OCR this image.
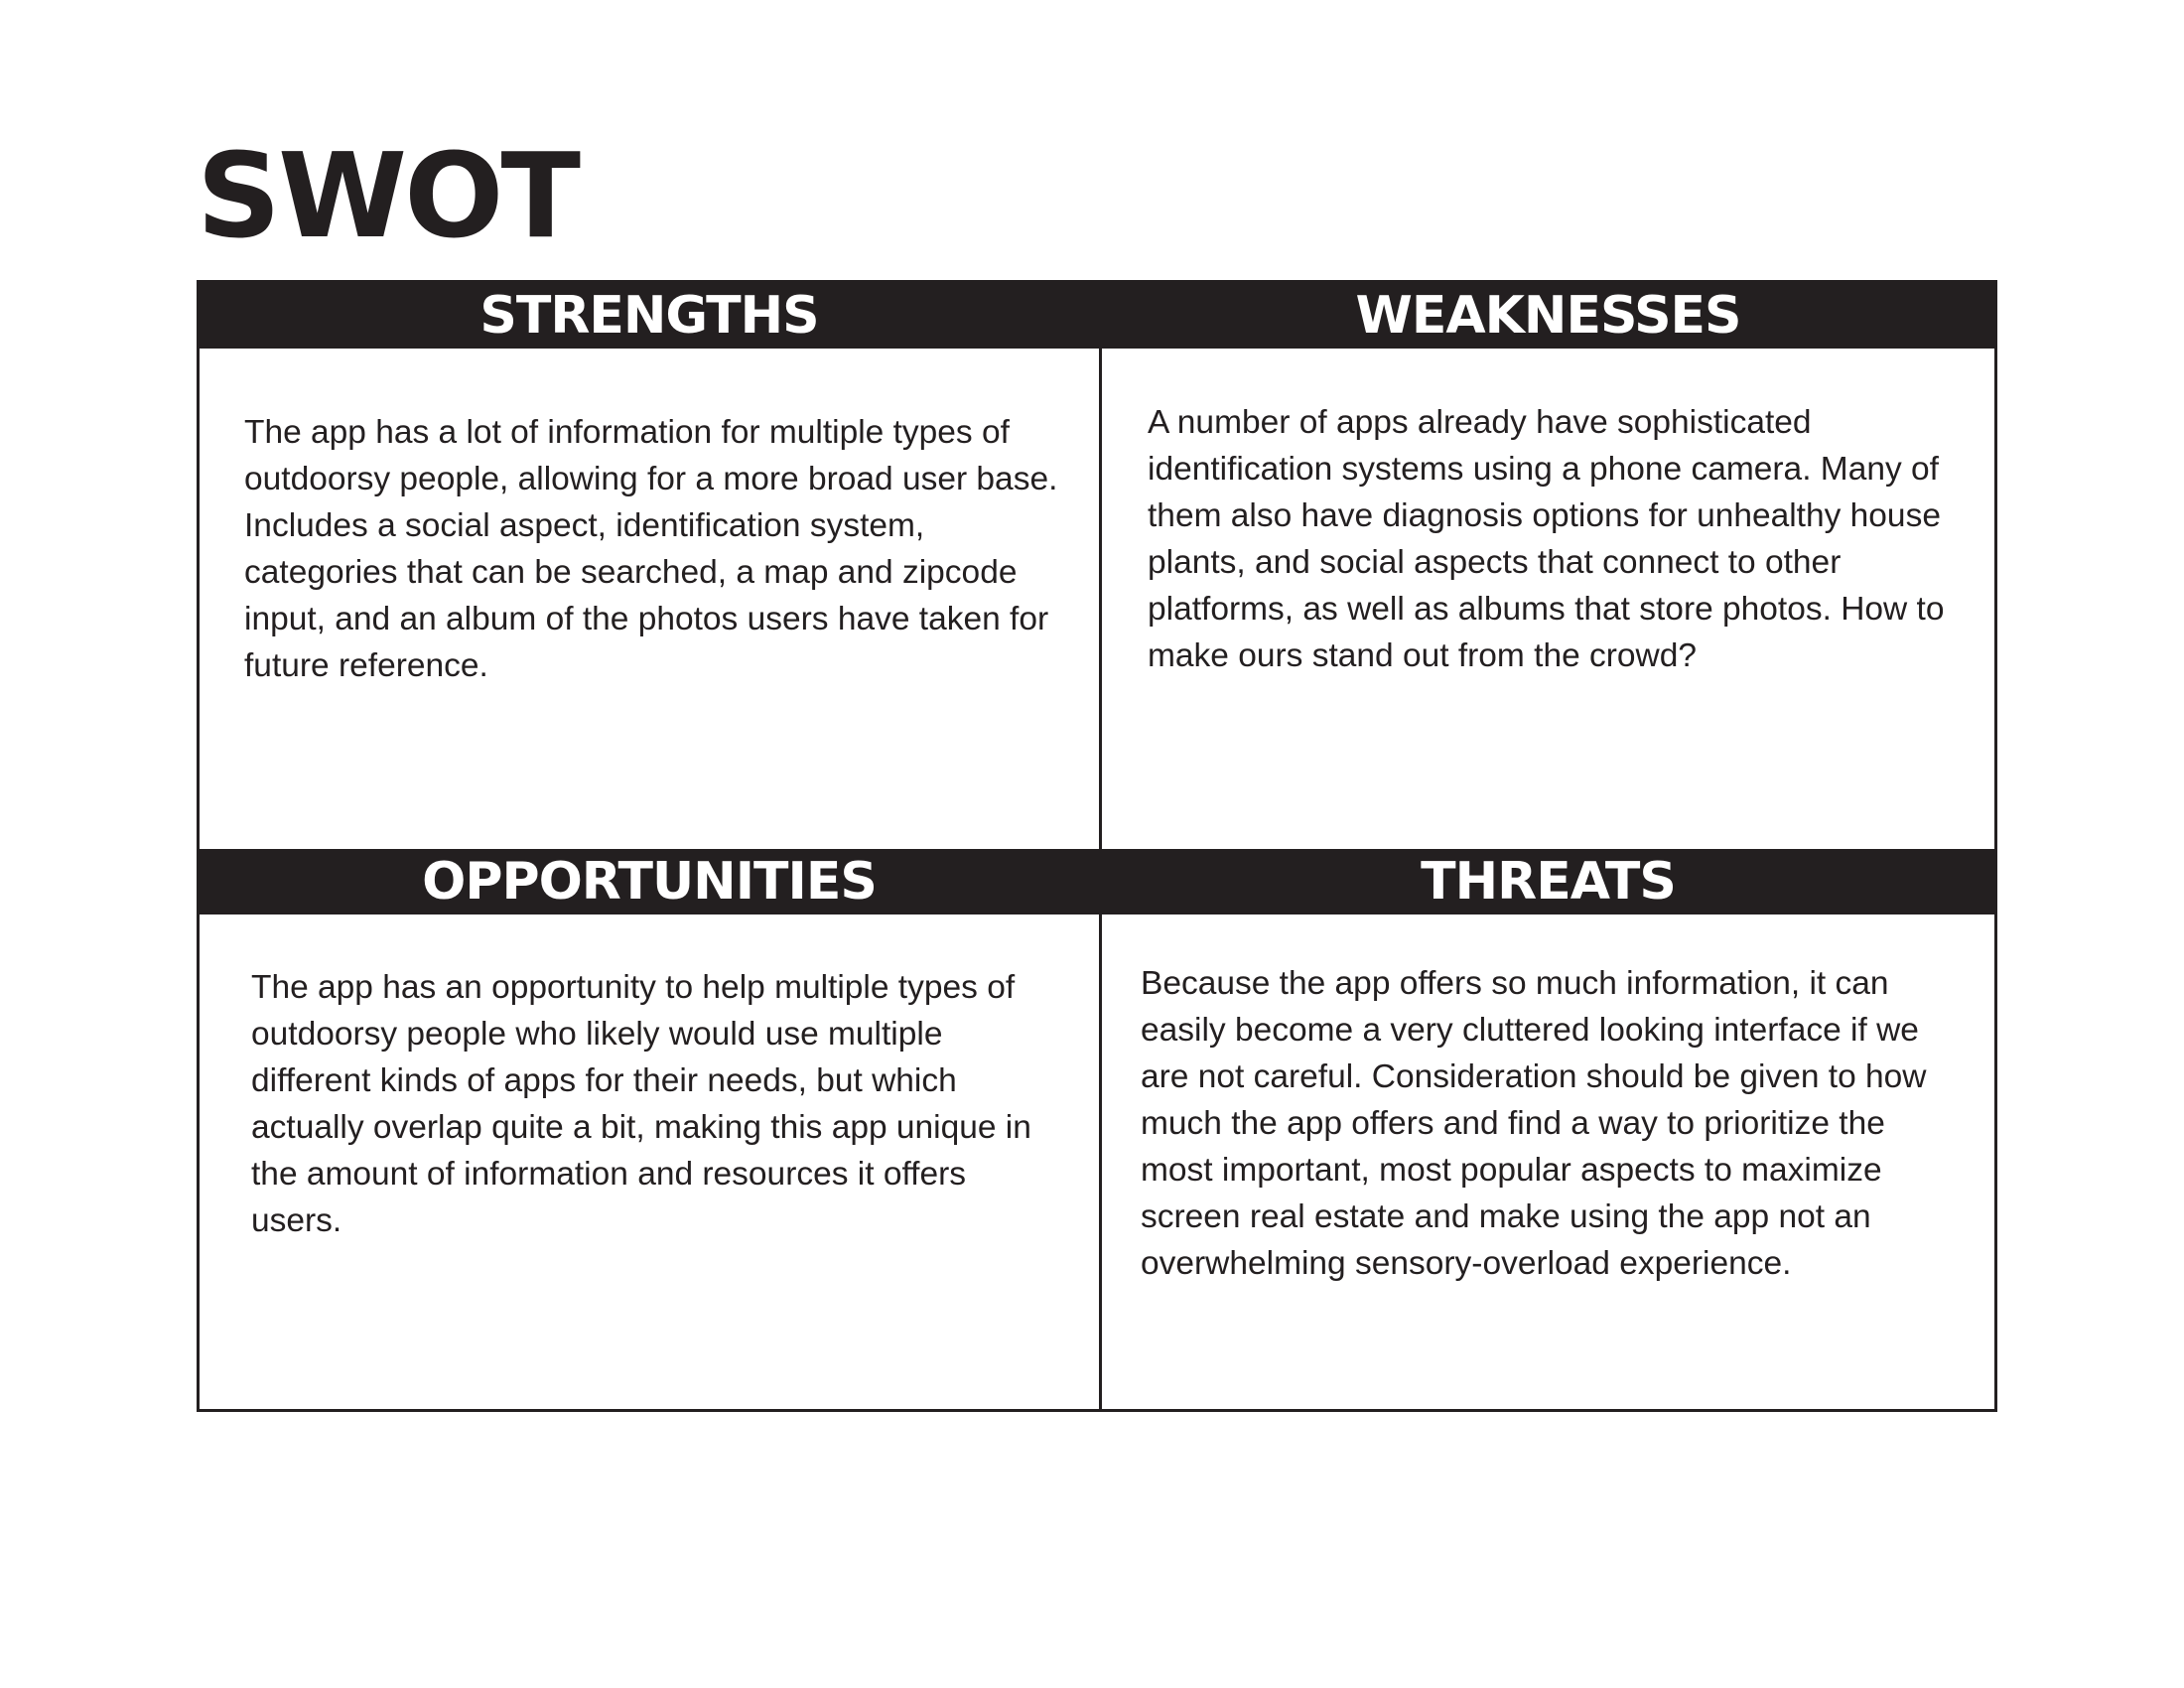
SWOT
STRENGTHS	WEAKNESSES
OPPORTUNITIES	THREATS

The app has a lot of information for multiple types of outdoorsy people, allowing for a more broad user base. Includes a social aspect, identification system, categories that can be searched, a map and zipcode input, and an album of the photos users have taken for future reference.

A number of apps already have sophisticated identification systems using a phone camera. Many of them also have diagnosis options for unhealthy house plants, and social aspects that connect to other platforms, as well as albums that store photos. How to make ours stand out from the crowd?

The app has an opportunity to help multiple types of outdoorsy people who likely would use multiple different kinds of apps for their needs, but which actually overlap quite a bit, making this app unique in the amount of information and resources it offers users.

Because the app offers so much information, it can easily become a very cluttered looking interface if we are not careful. Consideration should be given to how much the app offers and find a way to prioritize the most important, most popular aspects to maximize screen real estate and make using the app not an overwhelming sensory-overload experience.
